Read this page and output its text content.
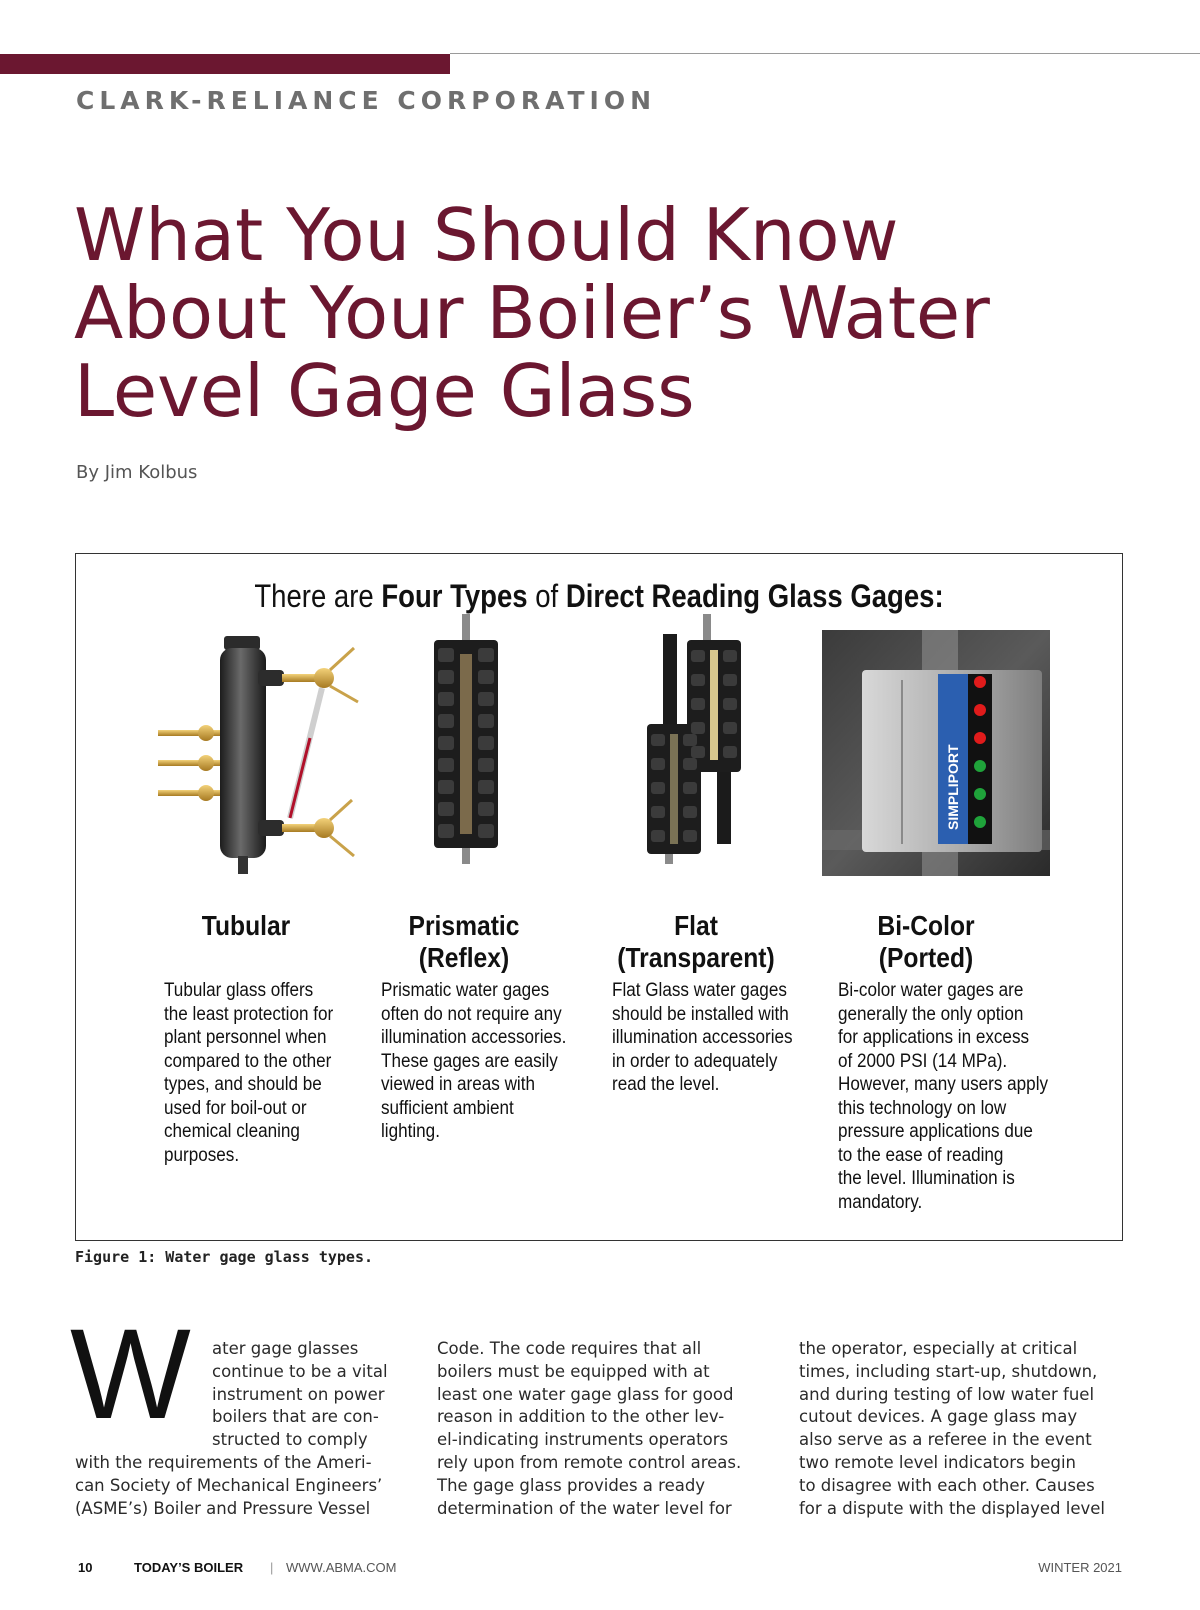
CLARK-RELIANCE CORPORATION
What You Should Know
About Your Boiler’s Water
Level Gage Glass
By Jim Kolbus
There are Four Types of Direct Reading Glass Gages:
SIMPLIPORT
Tubular	Prismatic
(Reflex)
Flat
(Transparent)
Bi-Color
(Ported)
Tubular glass offers
the least protection for
plant personnel when
compared to the other
types, and should be
used for boil-out or
chemical cleaning
purposes.
Prismatic water gages
often do not require any
illumination accessories.
These gages are easily
viewed in areas with
sufficient ambient
lighting.
Flat Glass water gages
should be installed with
illumination accessories
in order to adequately
read the level.
Bi-color water gages are
generally the only option
for applications in excess
of 2000 PSI (14 MPa).
However, many users apply
this technology on low
pressure applications due
to the ease of reading
the level. Illumination is
mandatory.
Figure 1: Water gage glass types.
W ater gage glasses

continue to be a vital

instrument on power

boilers that are con-

structed to comply

with the requirements of the Ameri-

can Society of Mechanical Engineers’

(ASME’s) Boiler and Pressure Vessel

Code. The code requires that all

boilers must be equipped with at

least one water gage glass for good

reason in addition to the other lev-

el-indicating instruments operators

rely upon from remote control areas.

The gage glass provides a ready

determination of the water level for

the operator, especially at critical

times, including start-up, shutdown,

and during testing of low water fuel

cutout devices. A gage glass may

also serve as a referee in the event

two remote level indicators begin

to disagree with each other. Causes

for a dispute with the displayed level

10	TODAY’S BOILER | WWW.ABMA.COM	WINTER 2021
